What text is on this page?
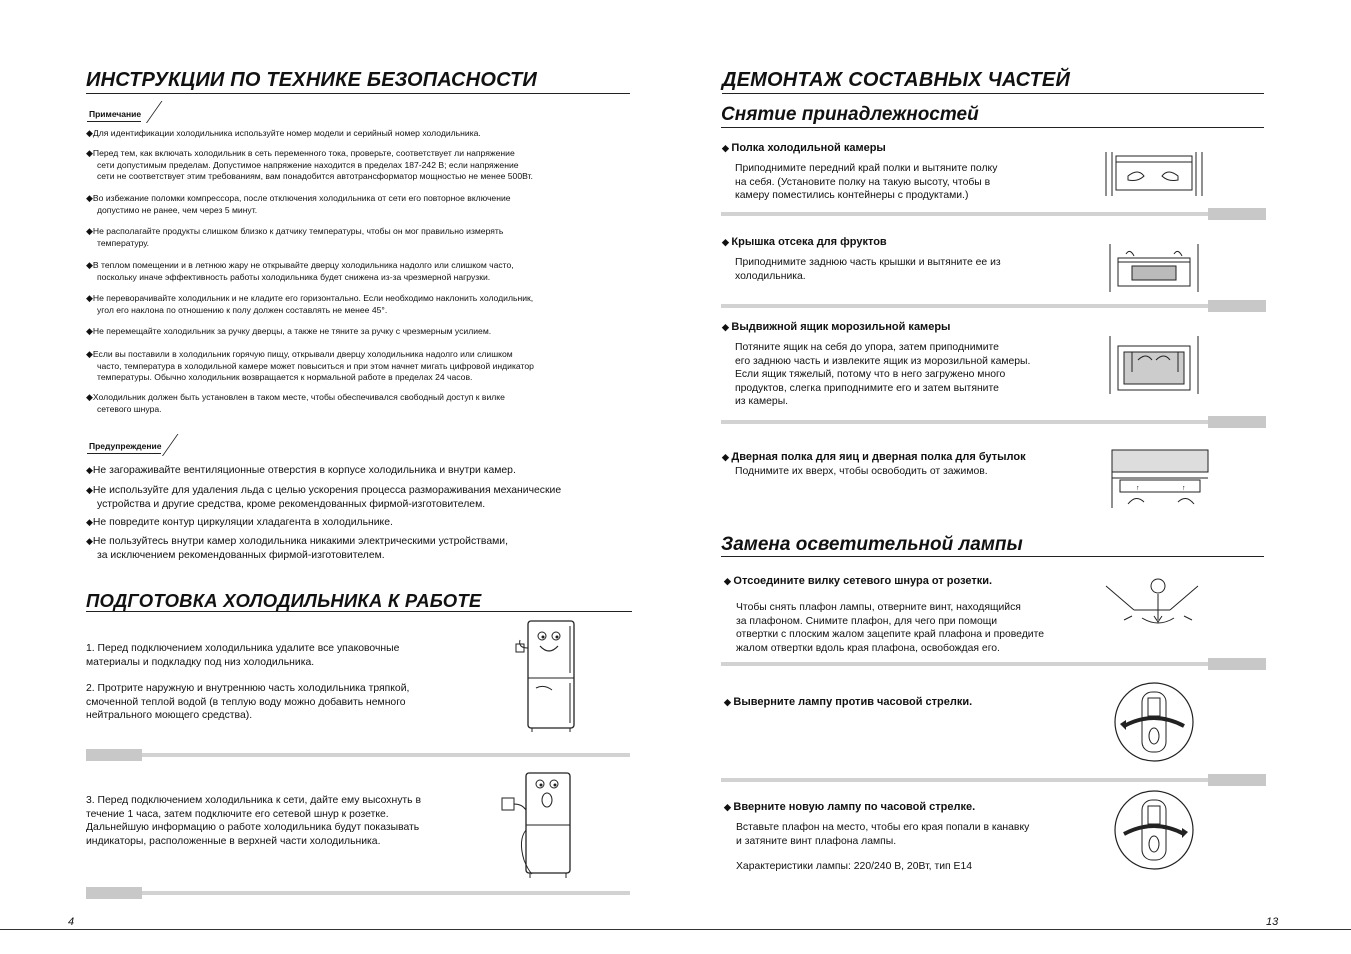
ИНСТРУКЦИИ ПО ТЕХНИКЕ БЕЗОПАСНОСТИ
Примечание
◆Для идентификации холодильника используйте номер модели и серийный номер холодильника.
◆Перед тем, как включать холодильник в сеть переменного тока, проверьте, соответствует ли напряжение
сети допустимым пределам. Допустимое напряжение находится в пределах 187-242 В; если напряжение
сети не соответствует этим требованиям, вам понадобится автотрансформатор мощностью не менее 500Вт.
◆Во избежание поломки компрессора, после отключения холодильника от сети его повторное включение
допустимо не ранее, чем через 5 минут.
◆Не располагайте продукты слишком близко к датчику температуры, чтобы он мог правильно измерять
температуру.
◆В теплом помещении и в летнюю жару не открывайте дверцу холодильника надолго или слишком часто,
поскольку иначе эффективность работы холодильника будет снижена из-за чрезмерной нагрузки.
◆Не переворачивайте холодильник и не кладите его горизонтально. Если необходимо наклонить холодильник,
угол его наклона по отношению к полу должен составлять не менее 45°.
◆Не перемещайте холодильник за ручку дверцы, а также не тяните за ручку с чрезмерным усилием.
◆Если вы поставили в холодильник горячую пищу, открывали дверцу холодильника надолго или слишком
часто, температура в холодильной камере может повыситься и при этом начнет мигать цифровой индикатор
температуры. Обычно холодильник возвращается к нормальной работе в пределах 24 часов.
◆Холодильник должен быть установлен в таком месте, чтобы обеспечивался свободный доступ к вилке
сетевого шнура.
Предупреждение
◆Не загораживайте вентиляционные отверстия в корпусе холодильника и внутри камер.
◆Не используйте для удаления льда с целью ускорения процесса размораживания механические
устройства и другие средства, кроме рекомендованных фирмой-изготовителем.
◆Не повредите контур циркуляции хладагента в холодильнике.
◆Не пользуйтесь внутри камер холодильника никакими электрическими устройствами,
за исключением рекомендованных фирмой-изготовителем.
ПОДГОТОВКА ХОЛОДИЛЬНИКА К РАБОТЕ
1. Перед подключением холодильника удалите все упаковочные
материалы и подкладку под низ холодильника.
2. Протрите наружную и внутреннюю часть холодильника тряпкой,
смоченной теплой водой (в теплую воду можно добавить немного
нейтрального моющего средства).
3. Перед подключением холодильника к сети, дайте ему высохнуть в
течение 1 часа, затем подключите его сетевой шнур к розетке.
Дальнейшую информацию о работе холодильника будут показывать
индикаторы, расположенные в верхней части холодильника.
4
ДЕМОНТАЖ СОСТАВНЫХ ЧАСТЕЙ
Снятие принадлежностей
◆ Полка холодильной камеры
Приподнимите передний край полки и вытяните полку
на себя. (Установите полку на такую высоту, чтобы в
камеру поместились контейнеры с продуктами.)
◆ Крышка отсека для фруктов
Приподнимите заднюю часть крышки и вытяните ее из
холодильника.
◆ Выдвижной ящик морозильной камеры
Потяните ящик на себя до упора, затем приподнимите
его заднюю часть и извлеките ящик из морозильной камеры.
Если ящик тяжелый, потому что в него загружено много
продуктов, слегка приподнимите его и затем вытяните
из камеры.
◆ Дверная полка для яиц и дверная полка для бутылок
Поднимите их вверх, чтобы освободить от зажимов.
Замена осветительной лампы
◆ Отсоедините вилку сетевого шнура от розетки.
Чтобы снять плафон лампы, отверните винт, находящийся
за плафоном. Снимите плафон, для чего при помощи
отвертки с плоским жалом зацепите край плафона и проведите
жалом отвертки вдоль края плафона, освобождая его.
◆ Выверните лампу против часовой стрелки.
◆ Вверните новую лампу по часовой стрелке.
Вставьте плафон на место, чтобы его края попали в канавку
и затяните винт плафона лампы.
Характеристики лампы: 220/240 В, 20Вт, тип Е14
↑	↑
13
